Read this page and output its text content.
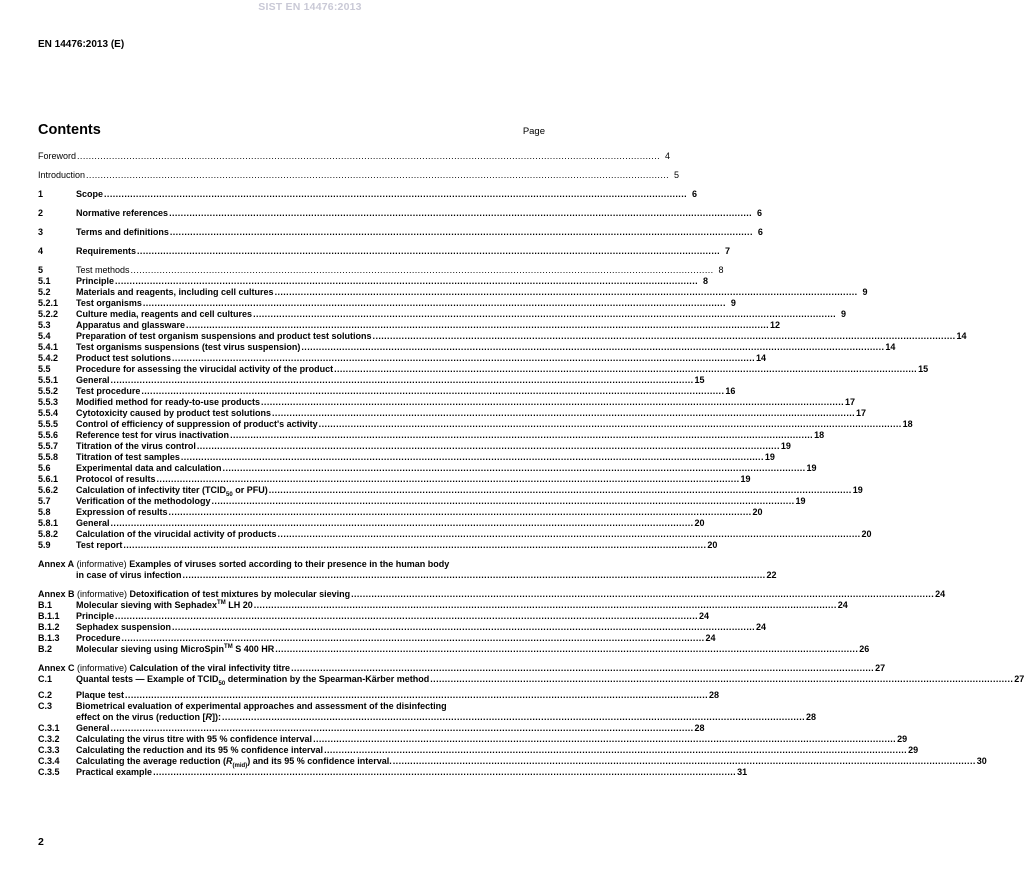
SIST EN 14476:2013
EN 14476:2013 (E)
Contents	Page
Foreword ......................................................................................................................................................................................................... 4
Introduction ......................................................................................................................................................................................................... 5
1	Scope ......................................................................................................................................................................................................... 6
2	Normative references ......................................................................................................................................................................................................... 6
3	Terms and definitions ......................................................................................................................................................................................................... 6
4	Requirements ......................................................................................................................................................................................................... 7
5	Test methods ......................................................................................................................................................................................................... 8
5.1	Principle ......................................................................................................................................................................................................... 8
5.2	Materials and reagents, including cell cultures ......................................................................................................................................................................................................... 9
5.2.1	Test organisms ......................................................................................................................................................................................................... 9
5.2.2	Culture media, reagents and cell cultures ......................................................................................................................................................................................................... 9
5.3	Apparatus and glassware ......................................................................................................................................................................................................... 12
5.4	Preparation of test organism suspensions and product test solutions ......................................................................................................................................................................................................... 14
5.4.1	Test organisms suspensions (test virus suspension) ......................................................................................................................................................................................................... 14
5.4.2	Product test solutions ......................................................................................................................................................................................................... 14
5.5	Procedure for assessing the virucidal activity of the product ......................................................................................................................................................................................................... 15
5.5.1	General ......................................................................................................................................................................................................... 15
5.5.2	Test procedure ......................................................................................................................................................................................................... 16
5.5.3	Modified method for ready-to-use products ......................................................................................................................................................................................................... 17
5.5.4	Cytotoxicity caused by product test solutions ......................................................................................................................................................................................................... 17
5.5.5	Control of efficiency of suppression of product's activity ......................................................................................................................................................................................................... 18
5.5.6	Reference test for virus inactivation ......................................................................................................................................................................................................... 18
5.5.7	Titration of the virus control ......................................................................................................................................................................................................... 19
5.5.8	Titration of test samples ......................................................................................................................................................................................................... 19
5.6	Experimental data and calculation ......................................................................................................................................................................................................... 19
5.6.1	Protocol of results ......................................................................................................................................................................................................... 19
5.6.2	Calculation of infectivity titer ($TCID_{50}$ or PFU) ......................................................................................................................................................................................................... 19
5.7	Verification of the methodology ......................................................................................................................................................................................................... 19
5.8	Expression of results ......................................................................................................................................................................................................... 20
5.8.1	General ......................................................................................................................................................................................................... 20
5.8.2	Calculation of the virucidal activity of products ......................................................................................................................................................................................................... 20
5.9	Test report ......................................................................................................................................................................................................... 20
Annex A (informative) Examples of viruses sorted according to their presence in the human body
in case of virus infection ......................................................................................................................................................................................................... 22
Annex B (informative) Detoxification of test mixtures by molecular sieving ......................................................................................................................................................................................................... 24
B.1	Molecular sieving with Sephadex™ LH 20 ......................................................................................................................................................................................................... 24
B.1.1	Principle ......................................................................................................................................................................................................... 24
B.1.2	Sephadex suspension ......................................................................................................................................................................................................... 24
B.1.3	Procedure ......................................................................................................................................................................................................... 24
B.2	Molecular sieving using MicroSpin™ S 400 HR ......................................................................................................................................................................................................... 26
Annex C (informative) Calculation of the viral infectivity titre ......................................................................................................................................................................................................... 27
C.1	Quantal tests — Example of $TCID_{50}$ determination by the Spearman-Kärber method ......................................................................................................................................................................................................... 27
C.2	Plaque test ......................................................................................................................................................................................................... 28
C.3	Biometrical evaluation of experimental approaches and assessment of the disinfecting
effect on the virus (reduction [R]): ......................................................................................................................................................................................................... 28
C.3.1	General ......................................................................................................................................................................................................... 28
C.3.2	Calculating the virus titre with 95 % confidence interval ......................................................................................................................................................................................................... 29
C.3.3	Calculating the reduction and its 95 % confidence interval ......................................................................................................................................................................................................... 29
C.3.4	Calculating the average reduction $(R_{(mid)})$ and its 95 % confidence interval. ......................................................................................................................................................................................................... 30
C.3.5	Practical example ......................................................................................................................................................................................................... 31
2
